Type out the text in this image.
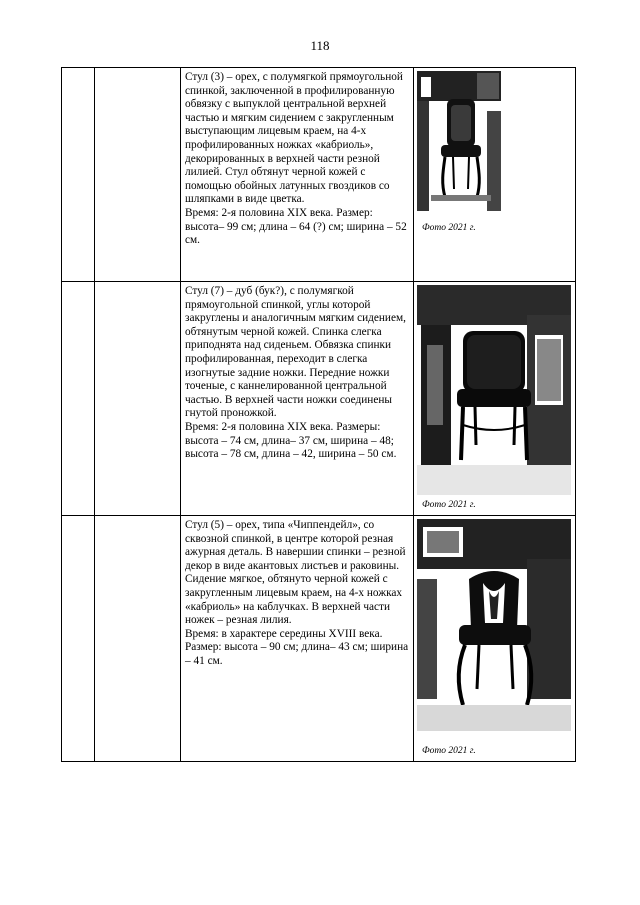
118

		Стул (3) – орех, с полумягкой прямоугольной спинкой, заключенной в профилированную обвязку с выпуклой центральной верхней частью и мягким сидением с закругленным выступающим лицевым краем, на 4-х профилированных ножках «кабриоль», декорированных в верхней части резной лилией. Стул обтянут черной кожей с помощью обойных латунных гвоздиков со шляпками в виде цветка.
Время: 2-я половина XIX века. Размер: высота– 99 см; длина – 64 (?) см; ширина – 52 см.	Фото 2021 г.

		Стул (7) – дуб (бук?), с полумягкой прямоугольной спинкой, углы которой закруглены и аналогичным мягким сидением, обтянутым черной кожей. Спинка слегка приподнята над сиденьем. Обвязка спинки профилированная, переходит в слегка изогнутые задние ножки. Передние ножки точеные, с каннелированной центральной частью. В верхней части ножки соединены гнутой проножкой.
Время: 2-я половина XIX века. Размеры: высота – 74 см, длина– 37 см, ширина – 48; высота – 78 см, длина – 42, ширина – 50 см.	Фото 2021 г.

		Стул (5) – орех, типа «Чиппендейл», со сквозной спинкой, в центре которой резная ажурная деталь. В навершии спинки – резной декор в виде акантовых листьев и раковины. Сидение мягкое, обтянуто черной кожей с закругленным лицевым краем, на 4-х ножках «кабриоль» на каблучках. В верхней части ножек – резная лилия.
Время: в характере середины XVIII века. Размер: высота – 90 см; длина– 43 см; ширина – 41 см.	Фото 2021 г.
